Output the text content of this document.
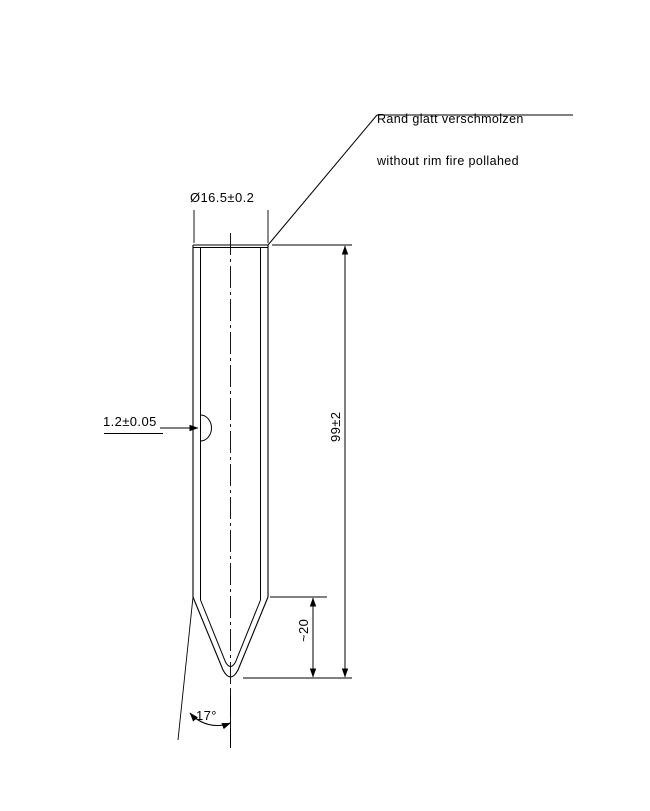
Rand glatt verschmolzen

without rim fire pollahed

Ø16.5±0.2
1.2±0.05	99±2
~20
17°
